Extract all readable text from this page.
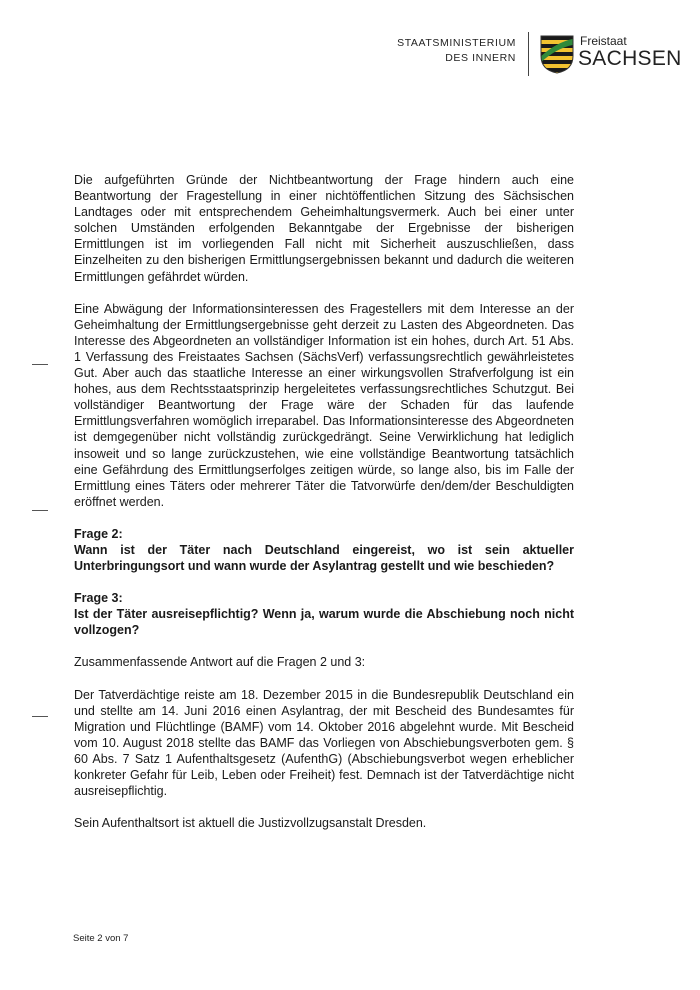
STAATSMINISTERIUM
DES INNERN
Freistaat
SACHSEN

Die aufgeführten Gründe der Nichtbeantwortung der Frage hindern auch eine Beantwortung der Fragestellung in einer nichtöffentlichen Sitzung des Sächsischen Landtages oder mit entsprechendem Geheimhaltungsvermerk. Auch bei einer unter solchen Umständen erfolgenden Bekanntgabe der Ergebnisse der bisherigen Ermittlungen ist im vorliegenden Fall nicht mit Sicherheit auszuschließen, dass Einzelheiten zu den bisherigen Ermittlungsergebnissen bekannt und dadurch die weiteren Ermittlungen gefährdet würden.

Eine Abwägung der Informationsinteressen des Fragestellers mit dem Interesse an der Geheimhaltung der Ermittlungsergebnisse geht derzeit zu Lasten des Abgeordneten. Das Interesse des Abgeordneten an vollständiger Information ist ein hohes, durch Art. 51 Abs. 1 Verfassung des Freistaates Sachsen (SächsVerf) verfassungsrechtlich gewährleistetes Gut. Aber auch das staatliche Interesse an einer wirkungsvollen Strafverfolgung ist ein hohes, aus dem Rechtsstaatsprinzip hergeleitetes verfassungsrechtliches Schutzgut. Bei vollständiger Beantwortung der Frage wäre der Schaden für das laufende Ermittlungsverfahren womöglich irreparabel. Das Informationsinteresse des Abgeordneten ist demgegenüber nicht vollständig zurückgedrängt. Seine Verwirklichung hat lediglich insoweit und so lange zurückzustehen, wie eine vollständige Beantwortung tatsächlich eine Gefährdung des Ermittlungserfolges zeitigen würde, so lange also, bis im Falle der Ermittlung eines Täters oder mehrerer Täter die Tatvorwürfe den/dem/der Beschuldigten eröffnet werden.

Frage 2:
Wann ist der Täter nach Deutschland eingereist, wo ist sein aktueller Unterbringungsort und wann wurde der Asylantrag gestellt und wie beschieden?
Frage 3:
Ist der Täter ausreisepflichtig? Wenn ja, warum wurde die Abschiebung noch nicht vollzogen?

Zusammenfassende Antwort auf die Fragen 2 und 3:

Der Tatverdächtige reiste am 18. Dezember 2015 in die Bundesrepublik Deutschland ein und stellte am 14. Juni 2016 einen Asylantrag, der mit Bescheid des Bundesamtes für Migration und Flüchtlinge (BAMF) vom 14. Oktober 2016 abgelehnt wurde. Mit Bescheid vom 10. August 2018 stellte das BAMF das Vorliegen von Abschiebungsverboten gem. § 60 Abs. 7 Satz 1 Aufenthaltsgesetz (AufenthG) (Abschiebungsverbot wegen erheblicher konkreter Gefahr für Leib, Leben oder Freiheit) fest. Demnach ist der Tatverdächtige nicht ausreisepflichtig.

Sein Aufenthaltsort ist aktuell die Justizvollzugsanstalt Dresden.

Seite 2 von 7
